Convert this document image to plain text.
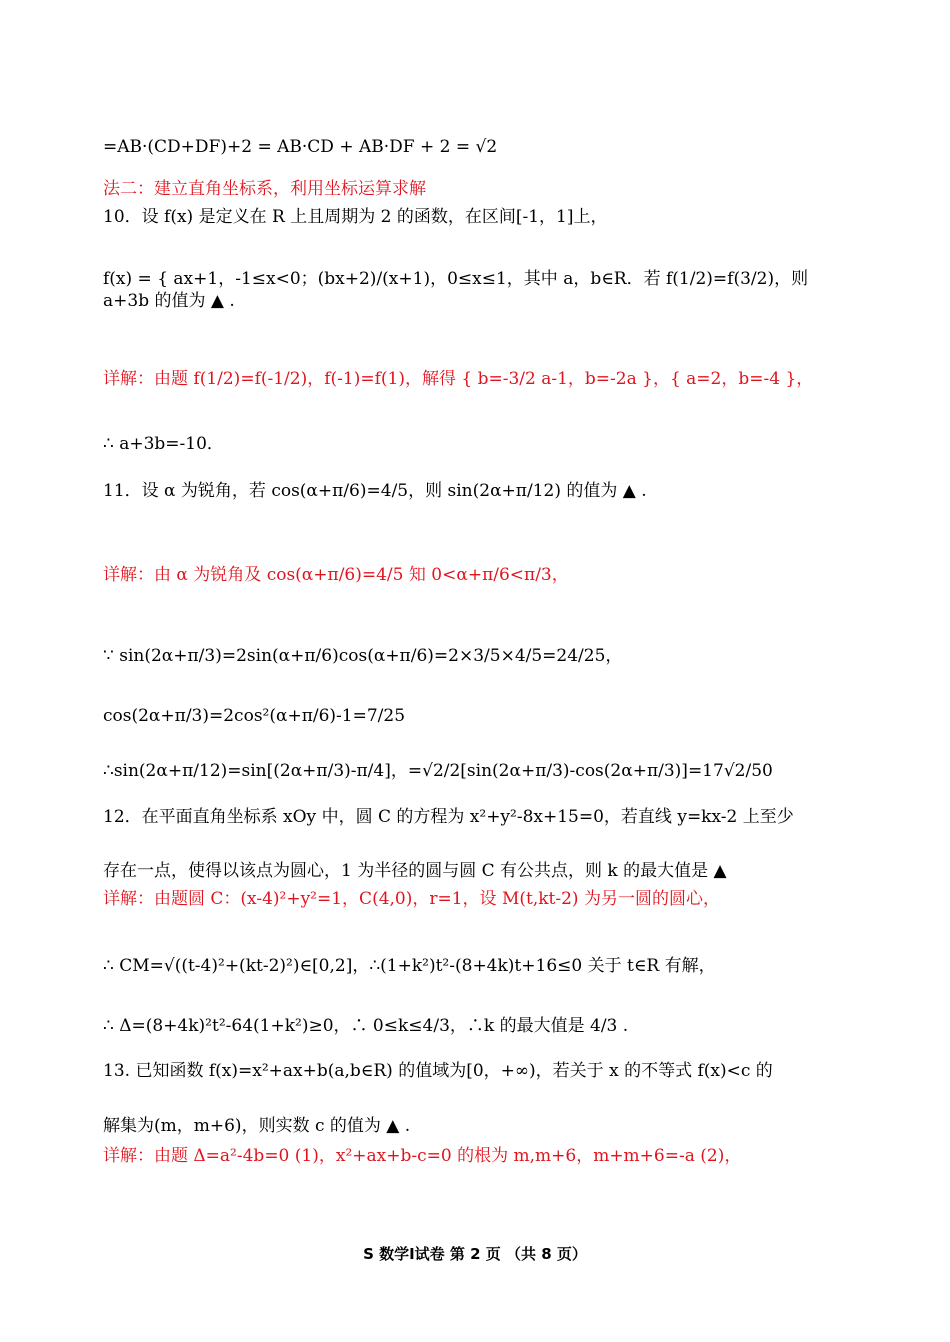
=AB·(CD+DF)+2 = AB·CD + AB·DF + 2 = √2
法二：建立直角坐标系，利用坐标运算求解
10．设 f(x) 是定义在 R 上且周期为 2 的函数，在区间[-1，1]上，
f(x) = { ax+1，-1≤x<0；(bx+2)/(x+1)，0≤x≤1，其中 a，b∈R．若 f(1/2)=f(3/2)，则 a+3b 的值为 ▲ .
详解：由题 f(1/2)=f(-1/2)，f(-1)=f(1)，解得 { b=-3/2 a-1，b=-2a }，{ a=2，b=-4 }，
∴ a+3b=-10．
11．设 α 为锐角，若 cos(α+π/6)=4/5，则 sin(2α+π/12) 的值为 ▲ .
详解：由 α 为锐角及 cos(α+π/6)=4/5 知 0<α+π/6<π/3，
∵ sin(2α+π/3)=2sin(α+π/6)cos(α+π/6)=2×3/5×4/5=24/25，
cos(2α+π/3)=2cos²(α+π/6)-1=7/25
∴sin(2α+π/12)=sin[(2α+π/3)-π/4]，=√2/2[sin(2α+π/3)-cos(2α+π/3)]=17√2/50
12．在平面直角坐标系 xOy 中，圆 C 的方程为 x²+y²-8x+15=0，若直线 y=kx-2 上至少
存在一点，使得以该点为圆心，1 为半径的圆与圆 C 有公共点，则 k 的最大值是 ▲
详解：由题圆 C：(x-4)²+y²=1，C(4,0)，r=1，设 M(t,kt-2) 为另一圆的圆心，
∴ CM=√((t-4)²+(kt-2)²)∈[0,2]，∴(1+k²)t²-(8+4k)t+16≤0 关于 t∈R 有解，
∴ Δ=(8+4k)²t²-64(1+k²)≥0，∴ 0≤k≤4/3，∴k 的最大值是 4/3 .
13. 已知函数 f(x)=x²+ax+b(a,b∈R) 的值域为[0，+∞)，若关于 x 的不等式 f(x)<c 的
解集为(m，m+6)，则实数 c 的值为 ▲ .
详解：由题 Δ=a²-4b=0 (1)，x²+ax+b-c=0 的根为 m,m+6，m+m+6=-a (2)，
S 数学Ⅰ试卷 第 2 页 （共 8 页）
